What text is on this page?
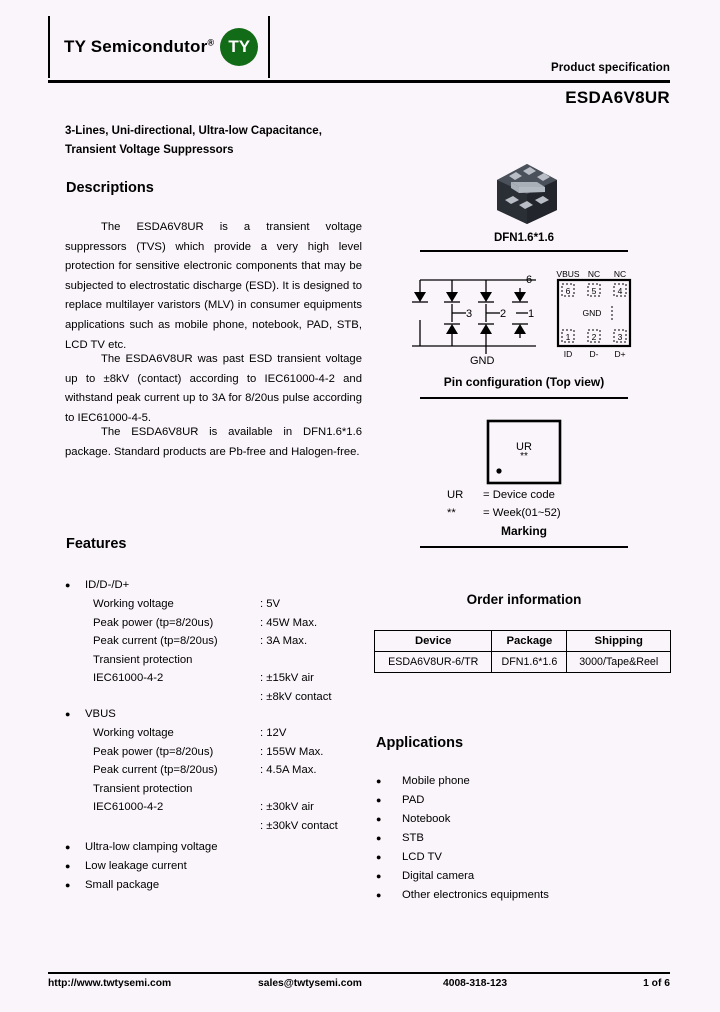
TY Semicondutor® TY
Product specification
ESDA6V8UR
3-Lines, Uni-directional, Ultra-low Capacitance,
Transient Voltage Suppressors
Descriptions
The ESDA6V8UR is a transient voltage suppressors (TVS) which provide a very high level protection for sensitive electronic components that may be subjected to electrostatic discharge (ESD). It is designed to replace multilayer varistors (MLV) in consumer equipments applications such as mobile phone, notebook, PAD, STB, LCD TV etc.
The ESDA6V8UR was past ESD transient voltage up to ±8kV (contact) according to IEC61000-4-2 and withstand peak current up to 3A for 8/20us pulse according to IEC61000-4-5.
The ESDA6V8UR is available in DFN1.6*1.6 package. Standard products are Pb-free and Halogen-free.
Features
●	ID/D-/D+
Working voltage	: 5V
Peak power (tp=8/20us)	: 45W Max.
Peak current (tp=8/20us)	: 3A Max.
Transient protection
IEC61000-4-2	: ±15kV air
: ±8kV contact
●	VBUS
Working voltage	: 12V
Peak power (tp=8/20us)	: 155W Max.
Peak current (tp=8/20us)	: 4.5A Max.
Transient protection
IEC61000-4-2	: ±30kV air
: ±30kV contact
●	Ultra-low clamping voltage
●	Low leakage current
●	Small package
DFN1.6*1.6
3	2 1
6
GND
VBUS NC NC
6	5	4
1	2	3
ID D- D+
GND
Pin configuration (Top view)
UR
**
UR	= Device code
**	= Week(01~52)
Marking
Order information
Device	Package	Shipping
ESDA6V8UR-6/TR	DFN1.6*1.6	3000/Tape&Reel
Applications
●	Mobile phone
●	PAD
●	Notebook
●	STB
●	LCD TV
●	Digital camera
●	Other electronics equipments
http://www.twtysemi.com	sales@twtysemi.com	4008-318-123	1 of 6
